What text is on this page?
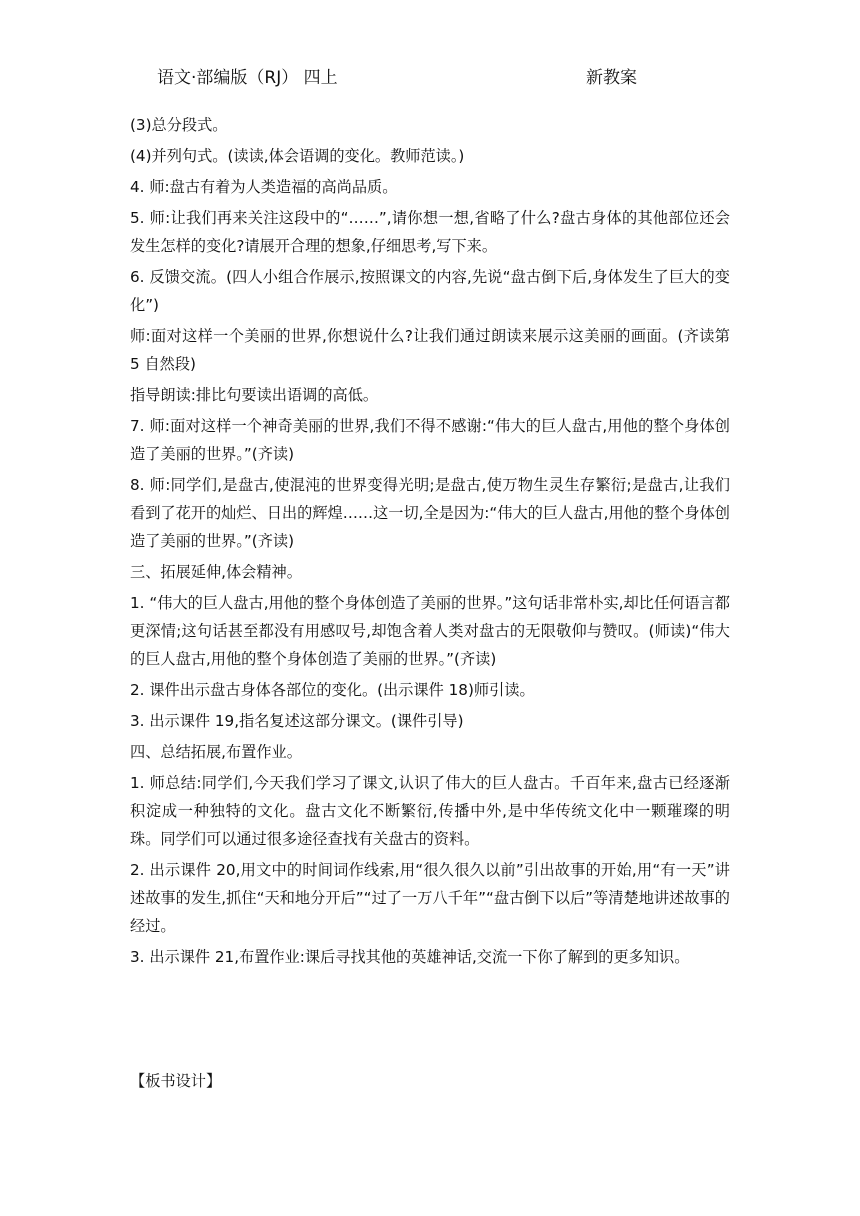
语文·部编版（RJ） 四上	新教案

(3)总分段式。

(4)并列句式。(读读,体会语调的变化。教师范读。)

4. 师:盘古有着为人类造福的高尚品质。

5. 师:让我们再来关注这段中的“……”,请你想一想,省略了什么?盘古身体的其他部位还会发生怎样的变化?请展开合理的想象,仔细思考,写下来。

6. 反馈交流。(四人小组合作展示,按照课文的内容,先说“盘古倒下后,身体发生了巨大的变化”)

师:面对这样一个美丽的世界,你想说什么?让我们通过朗读来展示这美丽的画面。(齐读第 5 自然段)

指导朗读:排比句要读出语调的高低。

7. 师:面对这样一个神奇美丽的世界,我们不得不感谢:“伟大的巨人盘古,用他的整个身体创造了美丽的世界。”(齐读)

8. 师:同学们,是盘古,使混沌的世界变得光明;是盘古,使万物生灵生存繁衍;是盘古,让我们看到了花开的灿烂、日出的辉煌……这一切,全是因为:“伟大的巨人盘古,用他的整个身体创造了美丽的世界。”(齐读)

三、拓展延伸,体会精神。

1. “伟大的巨人盘古,用他的整个身体创造了美丽的世界。”这句话非常朴实,却比任何语言都更深情;这句话甚至都没有用感叹号,却饱含着人类对盘古的无限敬仰与赞叹。(师读)“伟大的巨人盘古,用他的整个身体创造了美丽的世界。”(齐读)

2. 课件出示盘古身体各部位的变化。(出示课件 18)师引读。

3. 出示课件 19,指名复述这部分课文。(课件引导)

四、总结拓展,布置作业。

1. 师总结:同学们,今天我们学习了课文,认识了伟大的巨人盘古。千百年来,盘古已经逐渐积淀成一种独特的文化。盘古文化不断繁衍,传播中外,是中华传统文化中一颗璀璨的明珠。同学们可以通过很多途径查找有关盘古的资料。

2. 出示课件 20,用文中的时间词作线索,用“很久很久以前”引出故事的开始,用“有一天”讲述故事的发生,抓住“天和地分开后”“过了一万八千年”“盘古倒下以后”等清楚地讲述故事的经过。

3. 出示课件 21,布置作业:课后寻找其他的英雄神话,交流一下你了解到的更多知识。

【板书设计】
